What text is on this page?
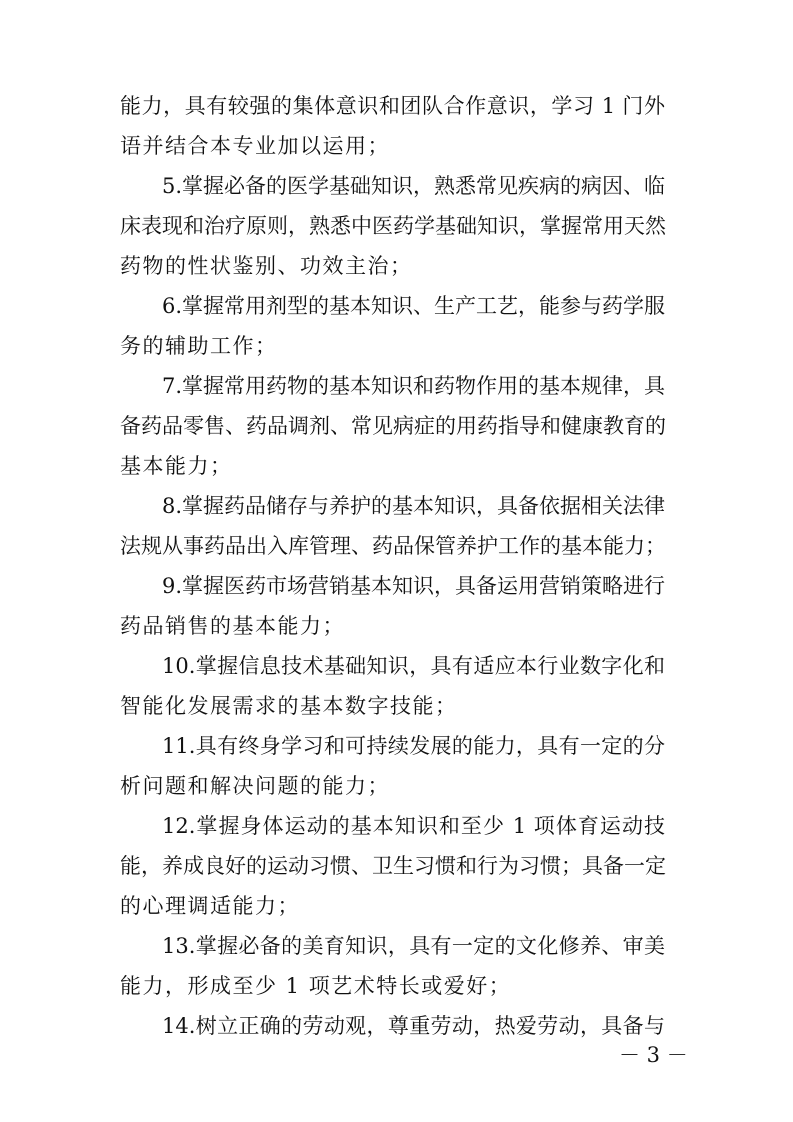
能力，具有较强的集体意识和团队合作意识，学习 1 门外
语并结合本专业加以运用；
5.掌握必备的医学基础知识，熟悉常见疾病的病因、临
床表现和治疗原则，熟悉中医药学基础知识，掌握常用天然
药物的性状鉴别、功效主治；
6.掌握常用剂型的基本知识、生产工艺，能参与药学服
务的辅助工作；
7.掌握常用药物的基本知识和药物作用的基本规律，具
备药品零售、药品调剂、常见病症的用药指导和健康教育的
基本能力；
8.掌握药品储存与养护的基本知识，具备依据相关法律
法规从事药品出入库管理、药品保管养护工作的基本能力；
9.掌握医药市场营销基本知识，具备运用营销策略进行
药品销售的基本能力；
10.掌握信息技术基础知识，具有适应本行业数字化和
智能化发展需求的基本数字技能；
11.具有终身学习和可持续发展的能力，具有一定的分
析问题和解决问题的能力；
12.掌握身体运动的基本知识和至少 1 项体育运动技
能，养成良好的运动习惯、卫生习惯和行为习惯；具备一定
的心理调适能力；
13.掌握必备的美育知识，具有一定的文化修养、审美
能力，形成至少 1 项艺术特长或爱好；
14.树立正确的劳动观，尊重劳动，热爱劳动，具备与
－ 3 －
